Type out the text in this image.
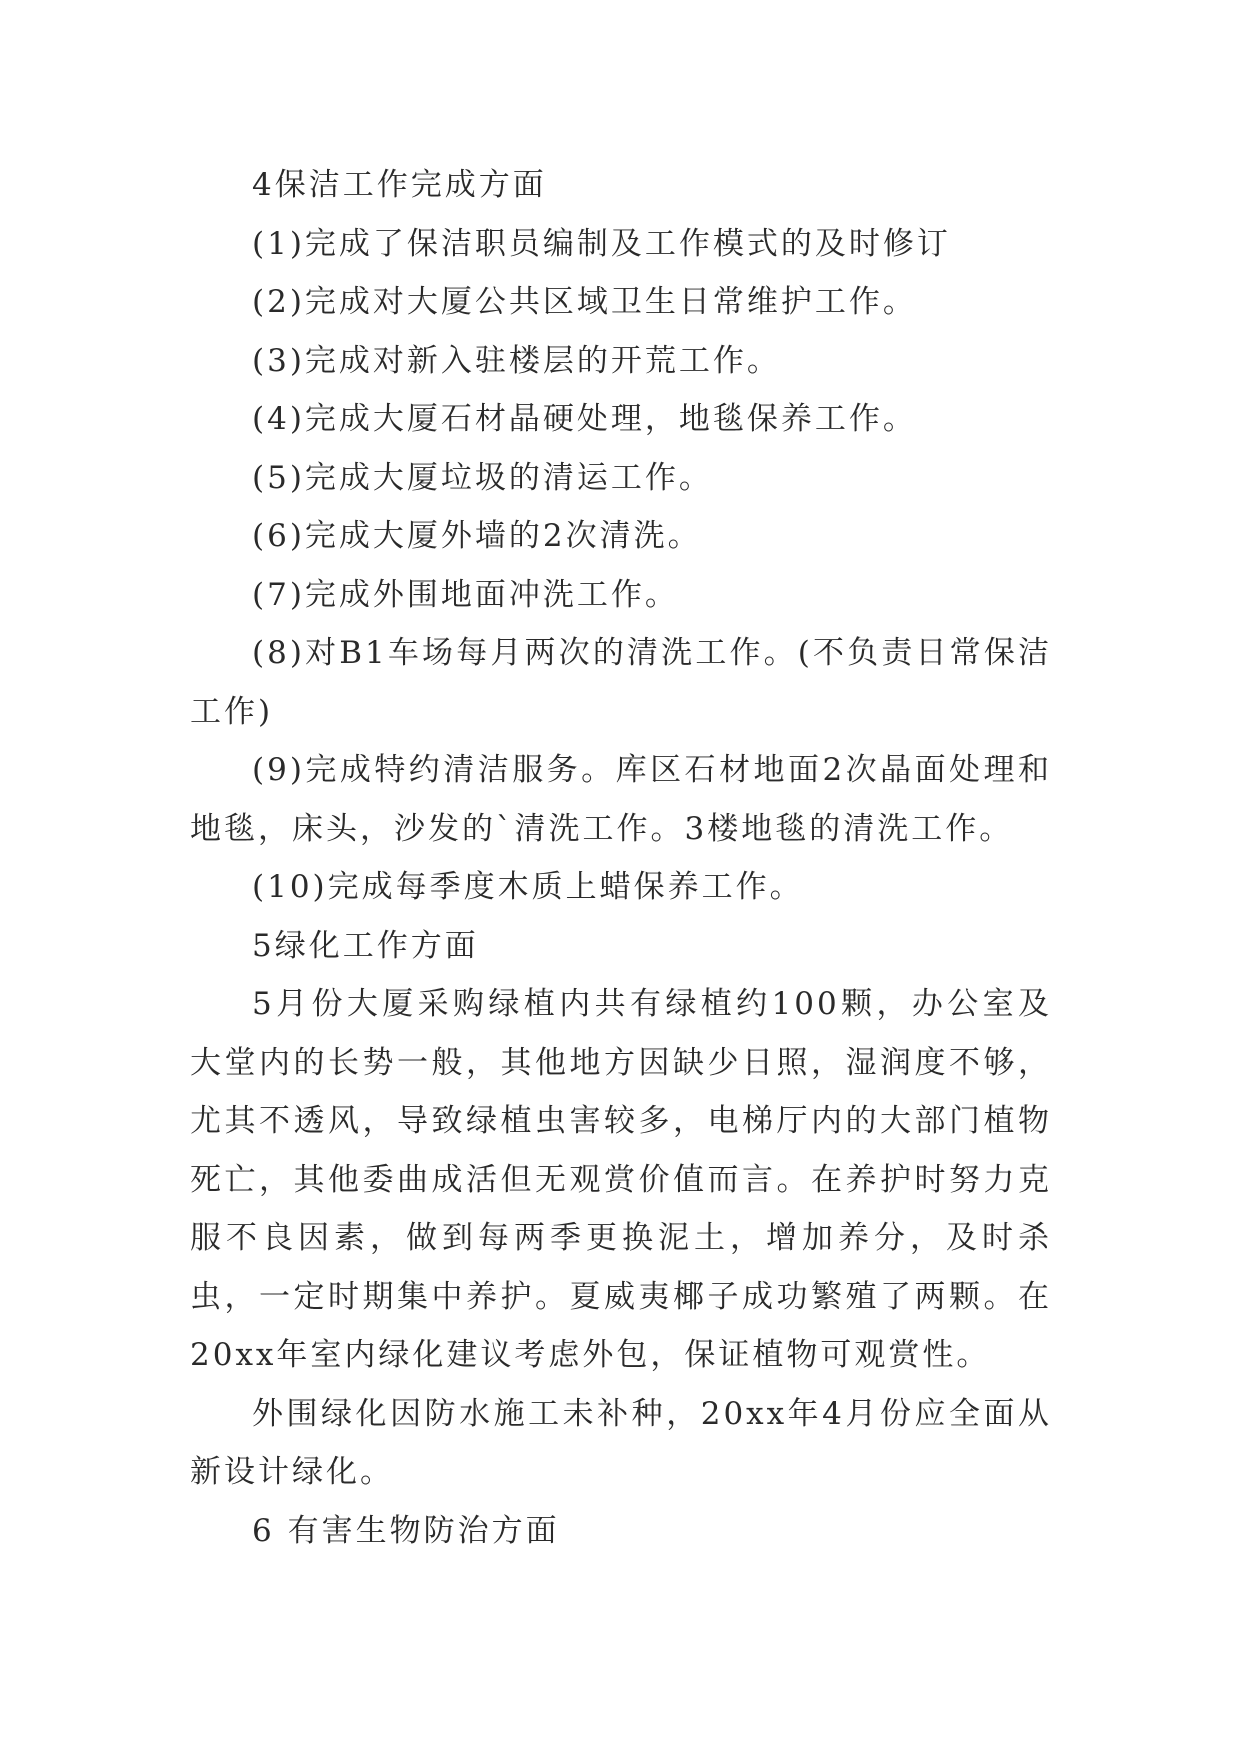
4保洁工作完成方面

(1)完成了保洁职员编制及工作模式的及时修订

(2)完成对大厦公共区域卫生日常维护工作。

(3)完成对新入驻楼层的开荒工作。

(4)完成大厦石材晶硬处理，地毯保养工作。

(5)完成大厦垃圾的清运工作。

(6)完成大厦外墙的2次清洗。

(7)完成外围地面冲洗工作。

(8)对B1车场每月两次的清洗工作。(不负责日常保洁工作)

(9)完成特约清洁服务。库区石材地面2次晶面处理和地毯，床头，沙发的`清洗工作。3楼地毯的清洗工作。

(10)完成每季度木质上蜡保养工作。

5绿化工作方面

5月份大厦采购绿植内共有绿植约100颗，办公室及大堂内的长势一般，其他地方因缺少日照，湿润度不够，尤其不透风，导致绿植虫害较多，电梯厅内的大部门植物死亡，其他委曲成活但无观赏价值而言。在养护时努力克服不良因素，做到每两季更换泥土，增加养分，及时杀虫，一定时期集中养护。夏威夷椰子成功繁殖了两颗。在20xx年室内绿化建议考虑外包，保证植物可观赏性。

外围绿化因防水施工未补种，20xx年4月份应全面从新设计绿化。

6 有害生物防治方面
